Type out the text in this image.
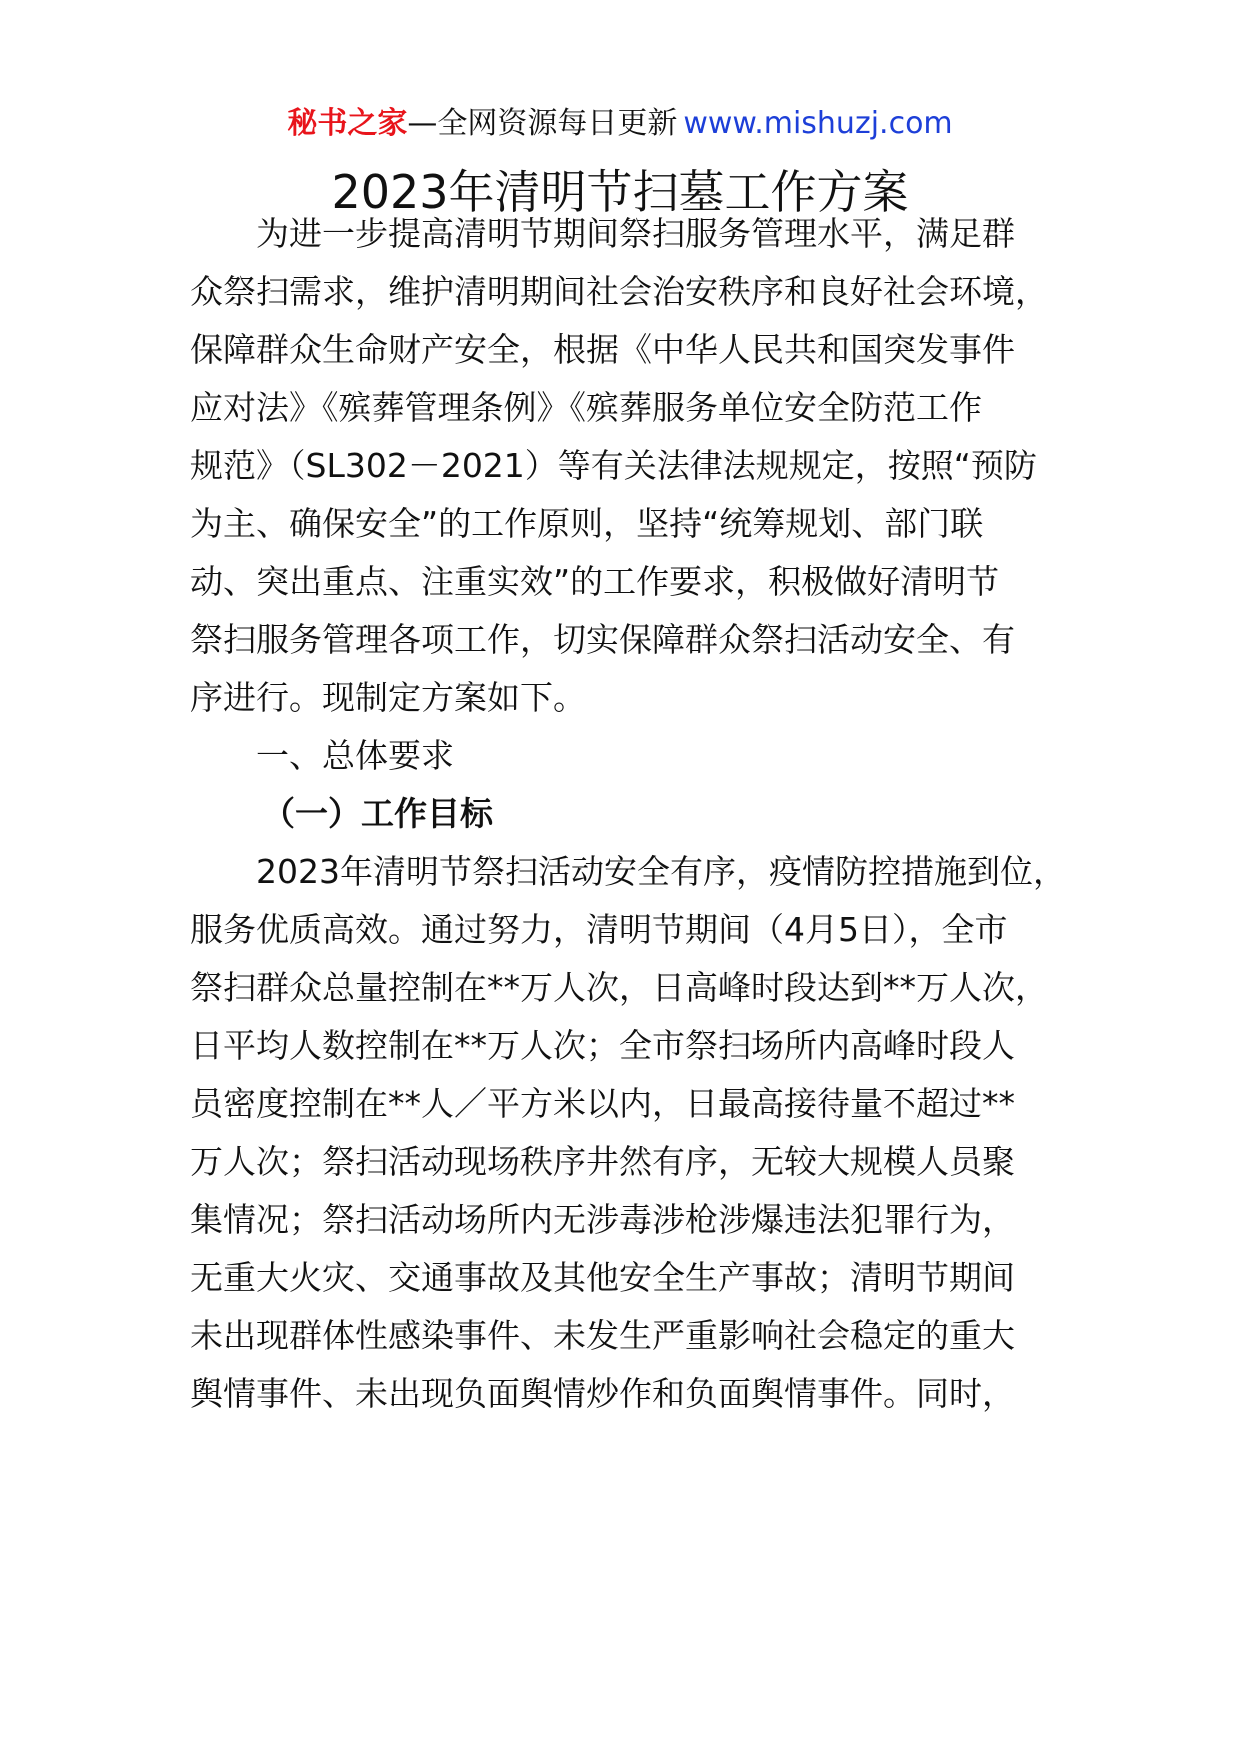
秘书之家—全网资源每日更新 www.mishuzj.com
2023年清明节扫墓工作方案
为进一步提高清明节期间祭扫服务管理水平，满足群
众祭扫需求，维护清明期间社会治安秩序和良好社会环境，
保障群众生命财产安全，根据《中华人民共和国突发事件
应对法》《殡葬管理条例》《殡葬服务单位安全防范工作
规范》（SL302－2021）等有关法律法规规定，按照“预防
为主、确保安全”的工作原则，坚持“统筹规划、部门联
动、突出重点、注重实效”的工作要求，积极做好清明节
祭扫服务管理各项工作，切实保障群众祭扫活动安全、有
序进行。现制定方案如下。
一、总体要求
（一）工作目标
2023年清明节祭扫活动安全有序，疫情防控措施到位，
服务优质高效。通过努力，清明节期间（4月5日），全市
祭扫群众总量控制在**万人次，日高峰时段达到**万人次，
日平均人数控制在**万人次；全市祭扫场所内高峰时段人
员密度控制在**人／平方米以内，日最高接待量不超过**
万人次；祭扫活动现场秩序井然有序，无较大规模人员聚
集情况；祭扫活动场所内无涉毒涉枪涉爆违法犯罪行为，
无重大火灾、交通事故及其他安全生产事故；清明节期间
未出现群体性感染事件、未发生严重影响社会稳定的重大
舆情事件、未出现负面舆情炒作和负面舆情事件。同时，
